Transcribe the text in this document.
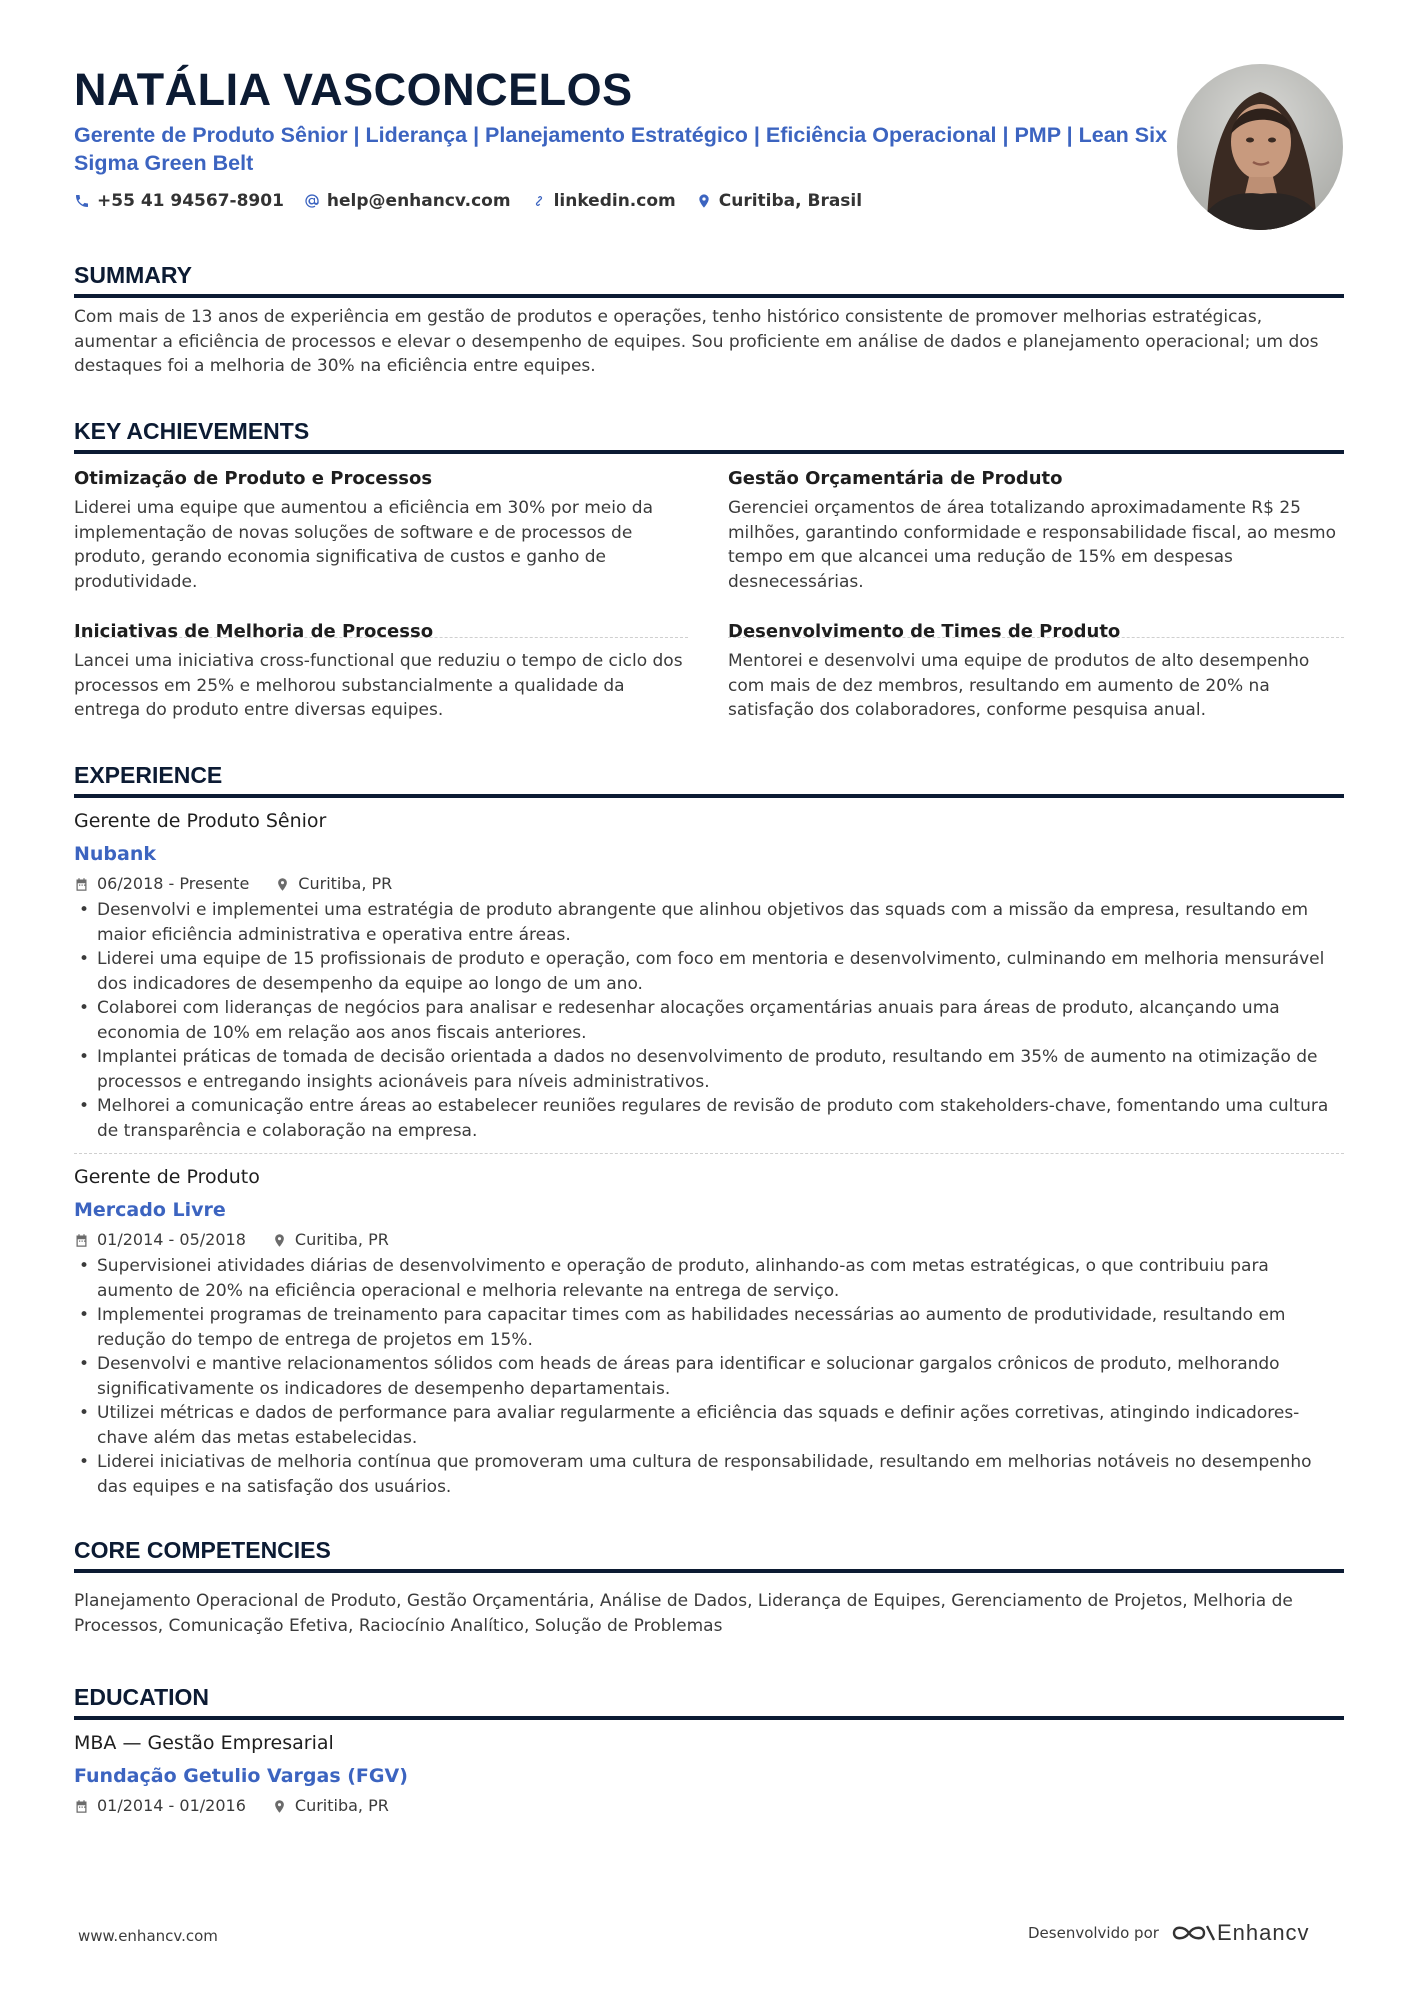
NATÁLIA VASCONCELOS
Gerente de Produto Sênior | Liderança | Planejamento Estratégico | Eficiência Operacional | PMP | Lean Six Sigma Green Belt
+55 41 94567-8901	help@enhancv.com	linkedin.com	Curitiba, Brasil
SUMMARY
Com mais de 13 anos de experiência em gestão de produtos e operações, tenho histórico consistente de promover melhorias estratégicas, aumentar a eficiência de processos e elevar o desempenho de equipes. Sou proficiente em análise de dados e planejamento operacional; um dos destaques foi a melhoria de 30% na eficiência entre equipes.
KEY ACHIEVEMENTS
Otimização de Produto e Processos
Liderei uma equipe que aumentou a eficiência em 30% por meio da implementação de novas soluções de software e de processos de produto, gerando economia significativa de custos e ganho de produtividade.
Gestão Orçamentária de Produto
Gerenciei orçamentos de área totalizando aproximadamente R$ 25 milhões, garantindo conformidade e responsabilidade fiscal, ao mesmo tempo em que alcancei uma redução de 15% em despesas desnecessárias.
Iniciativas de Melhoria de Processo
Lancei uma iniciativa cross-functional que reduziu o tempo de ciclo dos processos em 25% e melhorou substancialmente a qualidade da entrega do produto entre diversas equipes.
Desenvolvimento de Times de Produto
Mentorei e desenvolvi uma equipe de produtos de alto desempenho com mais de dez membros, resultando em aumento de 20% na satisfação dos colaboradores, conforme pesquisa anual.
EXPERIENCE
Gerente de Produto Sênior
Nubank
06/2018 - Presente	Curitiba, PR
• Desenvolvi e implementei uma estratégia de produto abrangente que alinhou objetivos das squads com a missão da empresa, resultando em maior eficiência administrativa e operativa entre áreas.
• Liderei uma equipe de 15 profissionais de produto e operação, com foco em mentoria e desenvolvimento, culminando em melhoria mensurável dos indicadores de desempenho da equipe ao longo de um ano.
• Colaborei com lideranças de negócios para analisar e redesenhar alocações orçamentárias anuais para áreas de produto, alcançando uma economia de 10% em relação aos anos fiscais anteriores.
• Implantei práticas de tomada de decisão orientada a dados no desenvolvimento de produto, resultando em 35% de aumento na otimização de processos e entregando insights acionáveis para níveis administrativos.
• Melhorei a comunicação entre áreas ao estabelecer reuniões regulares de revisão de produto com stakeholders-chave, fomentando uma cultura de transparência e colaboração na empresa.
Gerente de Produto
Mercado Livre
01/2014 - 05/2018	Curitiba, PR
• Supervisionei atividades diárias de desenvolvimento e operação de produto, alinhando-as com metas estratégicas, o que contribuiu para aumento de 20% na eficiência operacional e melhoria relevante na entrega de serviço.
• Implementei programas de treinamento para capacitar times com as habilidades necessárias ao aumento de produtividade, resultando em redução do tempo de entrega de projetos em 15%.
• Desenvolvi e mantive relacionamentos sólidos com heads de áreas para identificar e solucionar gargalos crônicos de produto, melhorando significativamente os indicadores de desempenho departamentais.
• Utilizei métricas e dados de performance para avaliar regularmente a eficiência das squads e definir ações corretivas, atingindo indicadores-chave além das metas estabelecidas.
• Liderei iniciativas de melhoria contínua que promoveram uma cultura de responsabilidade, resultando em melhorias notáveis no desempenho das equipes e na satisfação dos usuários.
CORE COMPETENCIES
Planejamento Operacional de Produto, Gestão Orçamentária, Análise de Dados, Liderança de Equipes, Gerenciamento de Projetos, Melhoria de Processos, Comunicação Efetiva, Raciocínio Analítico, Solução de Problemas
EDUCATION
MBA — Gestão Empresarial
Fundação Getulio Vargas (FGV)
01/2014 - 01/2016	Curitiba, PR
www.enhancv.com	Desenvolvido por	Enhancv
